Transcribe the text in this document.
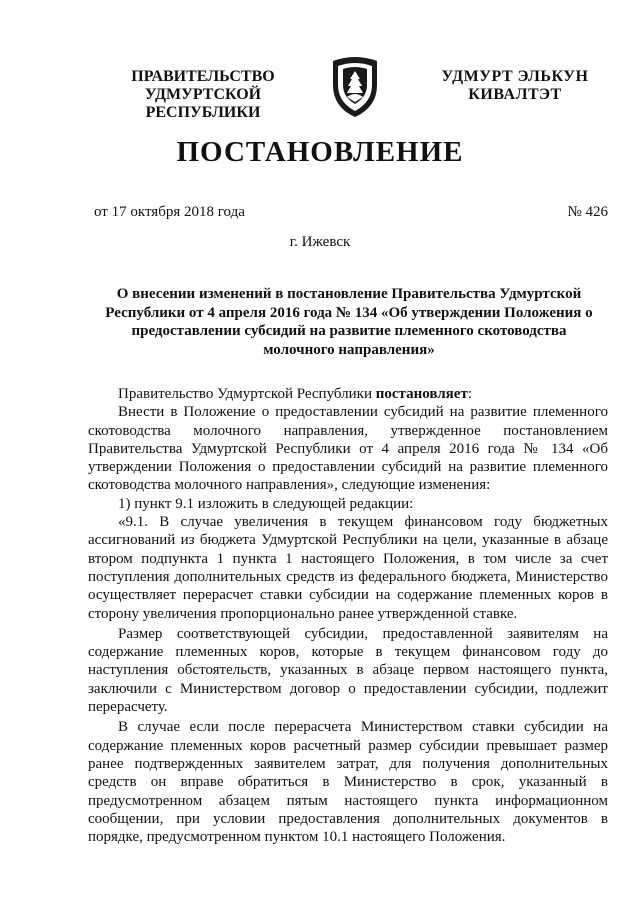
ПРАВИТЕЛЬСТВО
УДМУРТСКОЙ РЕСПУБЛИКИ
УДМУРТ ЭЛЬКУН
КИВАЛТЭТ
ПОСТАНОВЛЕНИЕ
от 17 октября 2018 года	№ 426
г. Ижевск
О внесении изменений в постановление Правительства Удмуртской Республики от 4 апреля 2016 года № 134 «Об утверждении Положения о предоставлении субсидий на развитие племенного скотоводства молочного направления»

Правительство Удмуртской Республики постановляет:

Внести в Положение о предоставлении субсидий на развитие племенного скотоводства молочного направления, утвержденное постановлением Правительства Удмуртской Республики от 4 апреля 2016 года № 134 «Об утверждении Положения о предоставлении субсидий на развитие племенного скотоводства молочного направления», следующие изменения:

1) пункт 9.1 изложить в следующей редакции:

«9.1. В случае увеличения в текущем финансовом году бюджетных ассигнований из бюджета Удмуртской Республики на цели, указанные в абзаце втором подпункта 1 пункта 1 настоящего Положения, в том числе за счет поступления дополнительных средств из федерального бюджета, Министерство осуществляет перерасчет ставки субсидии на содержание племенных коров в сторону увеличения пропорционально ранее утвержденной ставке.

Размер соответствующей субсидии, предоставленной заявителям на содержание племенных коров, которые в текущем финансовом году до наступления обстоятельств, указанных в абзаце первом настоящего пункта, заключили с Министерством договор о предоставлении субсидии, подлежит перерасчету.

В случае если после перерасчета Министерством ставки субсидии на содержание племенных коров расчетный размер субсидии превышает размер ранее подтвержденных заявителем затрат, для получения дополнительных средств он вправе обратиться в Министерство в срок, указанный в предусмотренном абзацем пятым настоящего пункта информационном сообщении, при условии предоставления дополнительных документов в порядке, предусмотренном пунктом 10.1 настоящего Положения.
